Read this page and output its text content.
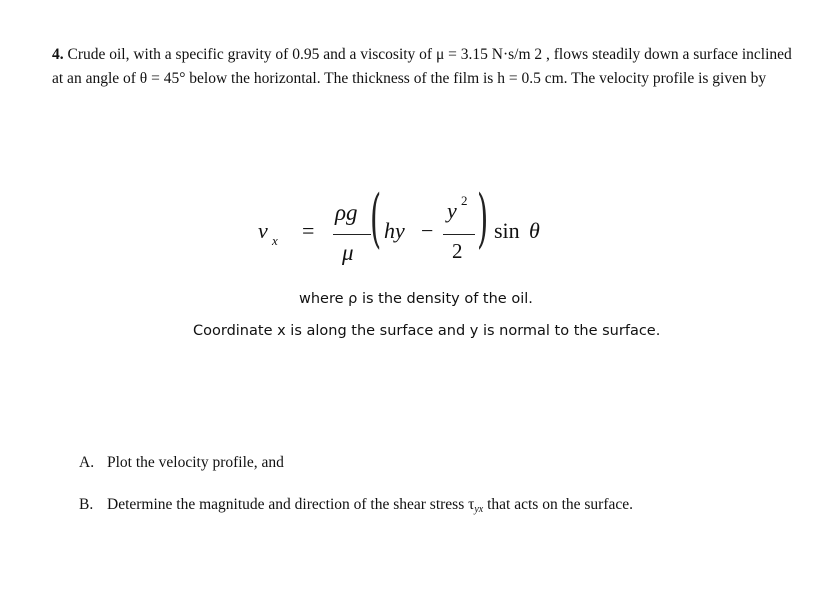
4. Crude oil, with a specific gravity of 0.95 and a viscosity of μ = 3.15 N·s/m 2 , flows steadily down a surface inclined at an angle of θ = 45° below the horizontal. The thickness of the film is h = 0.5 cm. The velocity profile is given by
v x =
ρg
μ ( hy −
y 2
2 ) sin θ
where ρ is the density of the oil.
Coordinate x is along the surface and y is normal to the surface.
A. Plot the velocity profile, and
B. Determine the magnitude and direction of the shear stress $\tau_{yx}$ that acts on the surface.
